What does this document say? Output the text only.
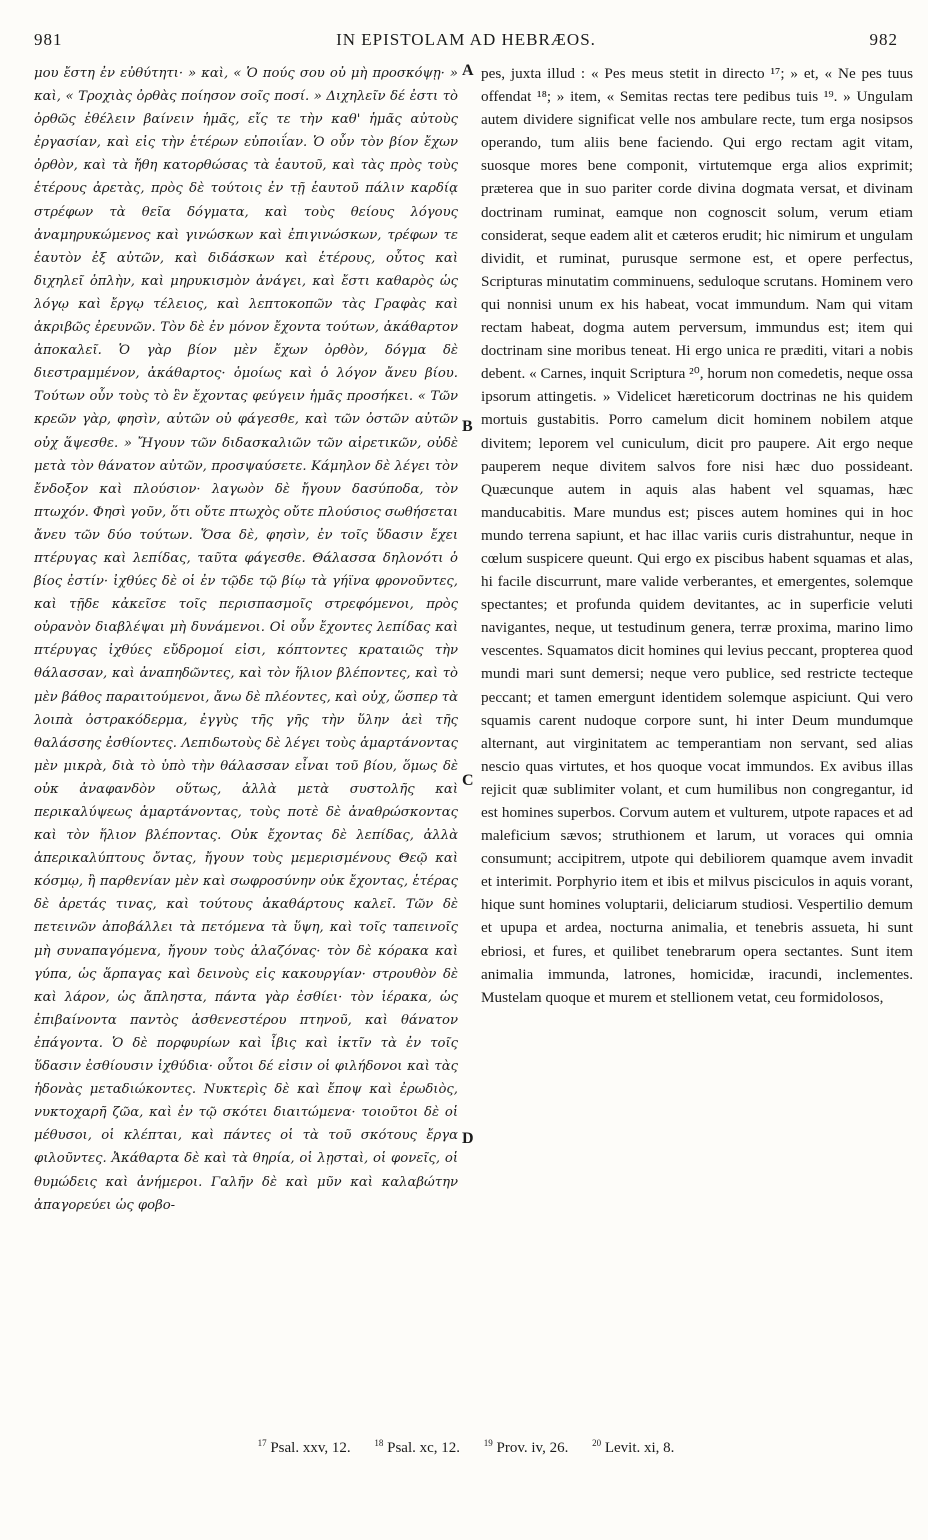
981	IN EPISTOLAM AD HEBRÆOS.	982

μου ἔστη ἐν εὐθύτητι· » καὶ, « Ὁ πούς σου οὐ μὴ προσκόψῃ· » καὶ, « Τροχιὰς ὀρθὰς ποίησον σοῖς ποσί. » Διχηλεῖν δέ ἐστι τὸ ὀρθῶς ἐθέλειν βαίνειν ἡμᾶς, εἴς τε τὴν καθ' ἡμᾶς αὐτοὺς ἐργασίαν, καὶ εἰς τὴν ἑτέρων εὐποιΐαν. Ὁ οὖν τὸν βίον ἔχων ὀρθὸν, καὶ τὰ ἤθη κατορθώσας τὰ ἑαυτοῦ, καὶ τὰς πρὸς τοὺς ἑτέρους ἀρετὰς, πρὸς δὲ τούτοις ἐν τῇ ἑαυτοῦ πάλιν καρδίᾳ στρέφων τὰ θεῖα δόγματα, καὶ τοὺς θείους λόγους ἀναμηρυκώμενος καὶ γινώσκων καὶ ἐπιγινώσκων, τρέφων τε ἑαυτὸν ἐξ αὐτῶν, καὶ διδάσκων καὶ ἑτέρους, οὗτος καὶ διχηλεῖ ὁπλὴν, καὶ μηρυκισμὸν ἀνάγει, καὶ ἔστι καθαρὸς ὡς λόγῳ καὶ ἔργῳ τέλειος, καὶ λεπτοκοπῶν τὰς Γραφὰς καὶ ἀκριβῶς ἐρευνῶν. Τὸν δὲ ἐν μόνον ἔχοντα τούτων, ἀκάθαρτον ἀποκαλεῖ. Ὁ γὰρ βίον μὲν ἔχων ὀρθὸν, δόγμα δὲ διεστραμμένον, ἀκάθαρτος· ὁμοίως καὶ ὁ λόγον ἄνευ βίου. Τούτων οὖν τοὺς τὸ ἓν ἔχοντας φεύγειν ἡμᾶς προσήκει. « Τῶν κρεῶν γὰρ, φησὶν, αὐτῶν οὐ φάγεσθε, καὶ τῶν ὀστῶν αὐτῶν οὐχ ἅψεσθε. » Ἤγουν τῶν διδασκαλιῶν τῶν αἱρετικῶν, οὐδὲ μετὰ τὸν θάνατον αὐτῶν, προσψαύσετε. Κάμηλον δὲ λέγει τὸν ἔνδοξον καὶ πλούσιον· λαγωὸν δὲ ἤγουν δασύποδα, τὸν πτωχόν. Φησὶ γοῦν, ὅτι οὔτε πτωχὸς οὔτε πλούσιος σωθήσεται ἄνευ τῶν δύο τούτων. Ὅσα δὲ, φησὶν, ἐν τοῖς ὕδασιν ἔχει πτέρυγας καὶ λεπίδας, ταῦτα φάγεσθε. Θάλασσα δηλονότι ὁ βίος ἐστίν· ἰχθύες δὲ οἱ ἐν τῷδε τῷ βίῳ τὰ γήϊνα φρονοῦντες, καὶ τῇδε κἀκεῖσε τοῖς περισπασμοῖς στρεφόμενοι, πρὸς οὐρανὸν διαβλέψαι μὴ δυνάμενοι. Οἱ οὖν ἔχοντες λεπίδας καὶ πτέρυγας ἰχθύες εὔδρομοί εἰσι, κόπτοντες κραταιῶς τὴν θάλασσαν, καὶ ἀναπηδῶντες, καὶ τὸν ἥλιον βλέποντες, καὶ τὸ μὲν βάθος παραιτούμενοι, ἄνω δὲ πλέοντες, καὶ οὐχ, ὥσπερ τὰ λοιπὰ ὀστρακόδερμα, ἐγγὺς τῆς γῆς τὴν ὕλην ἀεὶ τῆς θαλάσσης ἐσθίοντες. Λεπιδωτοὺς δὲ λέγει τοὺς ἁμαρτάνοντας μὲν μικρὰ, διὰ τὸ ὑπὸ τὴν θάλασσαν εἶναι τοῦ βίου, ὅμως δὲ οὐκ ἀναφανδὸν οὕτως, ἀλλὰ μετὰ συστολῆς καὶ περικαλύψεως ἁμαρτάνοντας, τοὺς ποτὲ δὲ ἀναθρώσκοντας καὶ τὸν ἥλιον βλέποντας. Οὐκ ἔχοντας δὲ λεπίδας, ἀλλὰ ἀπερικαλύπτους ὄντας, ἤγουν τοὺς μεμερισμένους Θεῷ καὶ κόσμῳ, ἢ παρθενίαν μὲν καὶ σωφροσύνην οὐκ ἔχοντας, ἑτέρας δὲ ἀρετάς τινας, καὶ τούτους ἀκαθάρτους καλεῖ. Τῶν δὲ πετεινῶν ἀποβάλλει τὰ πετόμενα τὰ ὕψη, καὶ τοῖς ταπεινοῖς μὴ συναπαγόμενα, ἤγουν τοὺς ἀλαζόνας· τὸν δὲ κόρακα καὶ γύπα, ὡς ἅρπαγας καὶ δεινοὺς εἰς κακουργίαν· στρουθὸν δὲ καὶ λάρον, ὡς ἄπληστα, πάντα γὰρ ἐσθίει· τὸν ἱέρακα, ὡς ἐπιβαίνοντα παντὸς ἀσθενεστέρου πτηνοῦ, καὶ θάνατον ἐπάγοντα. Ὁ δὲ πορφυρίων καὶ ἶβις καὶ ἰκτῖν τὰ ἐν τοῖς ὕδασιν ἐσθίουσιν ἰχθύδια· οὗτοι δέ εἰσιν οἱ φιλήδονοι καὶ τὰς ἡδονὰς μεταδιώκοντες. Νυκτερὶς δὲ καὶ ἔποψ καὶ ἐρωδιὸς, νυκτοχαρῆ ζῶα, καὶ ἐν τῷ σκότει διαιτώμενα· τοιοῦτοι δὲ οἱ μέθυσοι, οἱ κλέπται, καὶ πάντες οἱ τὰ τοῦ σκότους ἔργα φιλοῦντες. Ἀκάθαρτα δὲ καὶ τὰ θηρία, οἱ λῃσταὶ, οἱ φονεῖς, οἱ θυμώδεις καὶ ἀνήμεροι. Γαλῆν δὲ καὶ μῦν καὶ καλαβώτην ἀπαγορεύει ὡς φοβο-

A
B
C
D

pes, juxta illud : « Pes meus stetit in directo ¹⁷; » et, « Ne pes tuus offendat ¹⁸; » item, « Semitas rectas tere pedibus tuis ¹⁹. » Ungulam autem dividere significat velle nos ambulare recte, tum erga nosipsos operando, tum aliis bene faciendo. Qui ergo rectam agit vitam, suosque mores bene componit, virtutemque erga alios exprimit; præterea que in suo pariter corde divina dogmata versat, et divinam doctrinam ruminat, eamque non cognoscit solum, verum etiam considerat, seque eadem alit et cæteros erudit; hic nimirum et ungulam dividit, et ruminat, purusque sermone est, et opere perfectus, Scripturas minutatim comminuens, seduloque scrutans. Hominem vero qui nonnisi unum ex his habeat, vocat immundum. Nam qui vitam rectam habeat, dogma autem perversum, immundus est; item qui doctrinam sine moribus teneat. Hi ergo unica re præditi, vitari a nobis debent. « Carnes, inquit Scriptura ²⁰, horum non comedetis, neque ossa ipsorum attingetis. » Videlicet hæreticorum doctrinas ne his quidem mortuis gustabitis. Porro camelum dicit hominem nobilem atque divitem; leporem vel cuniculum, dicit pro paupere. Ait ergo neque pauperem neque divitem salvos fore nisi hæc duo possideant. Quæcunque autem in aquis alas habent vel squamas, hæc manducabitis. Mare mundus est; pisces autem homines qui in hoc mundo terrena sapiunt, et hac illac variis curis distrahuntur, neque in cœlum suspicere queunt. Qui ergo ex piscibus habent squamas et alas, hi facile discurrunt, mare valide verberantes, et emergentes, solemque spectantes; et profunda quidem devitantes, ac in superficie veluti navigantes, neque, ut testudinum genera, terræ proxima, marino limo vescentes. Squamatos dicit homines qui levius peccant, propterea quod mundi mari sunt demersi; neque vero publice, sed restricte tecteque peccant; et tamen emergunt identidem solemque aspiciunt. Qui vero squamis carent nudoque corpore sunt, hi inter Deum mundumque alternant, aut virginitatem ac temperantiam non servant, sed alias nescio quas virtutes, et hos quoque vocat immundos. Ex avibus illas rejicit quæ sublimiter volant, et cum humilibus non congregantur, id est homines superbos. Corvum autem et vulturem, utpote rapaces et ad maleficium sævos; struthionem et larum, ut voraces qui omnia consumunt; accipitrem, utpote qui debiliorem quamque avem invadit et interimit. Porphyrio item et ibis et milvus pisciculos in aquis vorant, hique sunt homines voluptarii, deliciarum studiosi. Vespertilio demum et upupa et ardea, nocturna animalia, et tenebris assueta, hi sunt ebriosi, et fures, et quilibet tenebrarum opera sectantes. Sunt item animalia immunda, latrones, homicidæ, iracundi, inclementes. Mustelam quoque et murem et stellionem vetat, ceu formidolosos,

$^{17}$ Psal. xxv, 12.	$^{18}$ Psal. xc, 12.	$^{19}$ Prov. iv, 26.	$^{20}$ Levit. xi, 8.
